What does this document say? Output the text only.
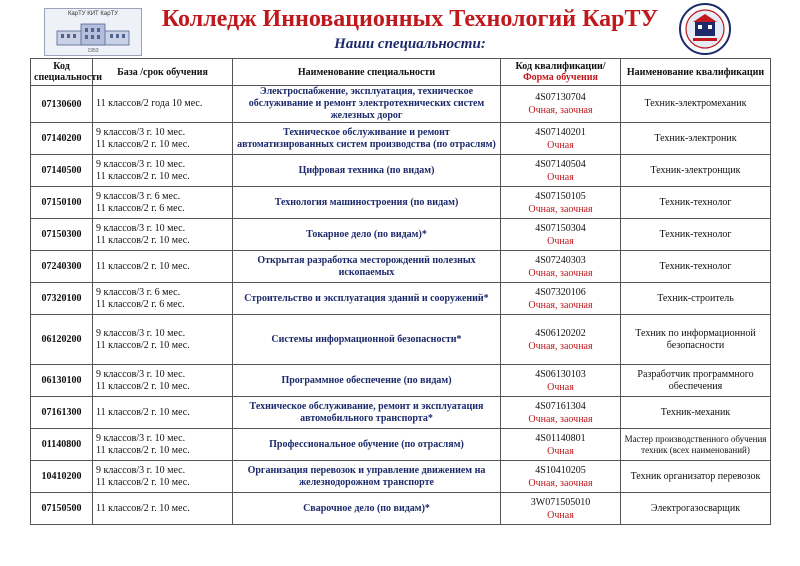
КарТУ КИТ КарТУ
1953
Колледж Инновационных Технологий КарТУ
Наши специальности:
Код специальности	База /срок обучения	Наименование специальности	Код квалификации/
Форма обучения	Наименование квалификации
07130600	11 классов/2 года 10 мес.	Электроспабжение, эксплуатация, техническое обслуживание и ремонт электротехнических систем железных дорог	4S07130704
Очная, заочная	Техник-электромеханик
07140200	9 классов/3 г. 10 мес.
11 классов/2 г. 10 мес.	Техническое обслуживание и ремонт автоматизированных систем производства (по отраслям)	4S07140201
Очная	Техник-электроник
07140500	9 классов/3 г. 10 мес.
11 классов/2 г. 10 мес.	Цифровая техника (по видам)	4S07140504
Очная	Техник-электронщик
07150100	9 классов/3 г. 6 мес.
11 классов/2 г. 6 мес.	Технология машиностроения (по видам)	4S07150105
Очная, заочная	Техник-технолог
07150300	9 классов/3 г. 10 мес.
11 классов/2 г. 10 мес.	Токарное дело (по видам)*	4S07150304
Очная	Техник-технолог
07240300	11 классов/2 г. 10 мес.	Открытая разработка месторождений полезных ископаемых	4S07240303
Очная, заочная	Техник-технолог
07320100	9 классов/3 г. 6 мес.
11 классов/2 г. 6 мес.	Строительство и эксплуатация зданий и сооружений*	4S07320106
Очная, заочная	Техник-строитель
06120200	9 классов/3 г. 10 мес.
11 классов/2 г. 10 мес.	Системы информационной безопасности*	4S06120202
Очная, заочная	Техник по информационной безопасности
06130100	9 классов/3 г. 10 мес.
11 классов/2 г. 10 мес.	Программное обеспечение (по видам)	4S06130103
Очная	Разработчик программного обеспечения
07161300	11 классов/2 г. 10 мес.	Техническое обслуживание, ремонт и эксплуатация автомобильного транспорта*	4S07161304
Очная, заочная	Техник-механик
01140800	9 классов/3 г. 10 мес.
11 классов/2 г. 10 мес.	Профессиональное обучение (по отраслям)	4S01140801
Очная	Мастер производственного обучения техник (всех наименований)
10410200	9 классов/3 г. 10 мес.
11 классов/2 г. 10 мес.	Организация перевозок и управление движением на железнодорожном транспорте	4S10410205
Очная, заочная	Техник организатор перевозок
07150500	11 классов/2 г. 10 мес.	Сварочное дело (по видам)*	3W071505010
Очная	Электрогазосварщик
